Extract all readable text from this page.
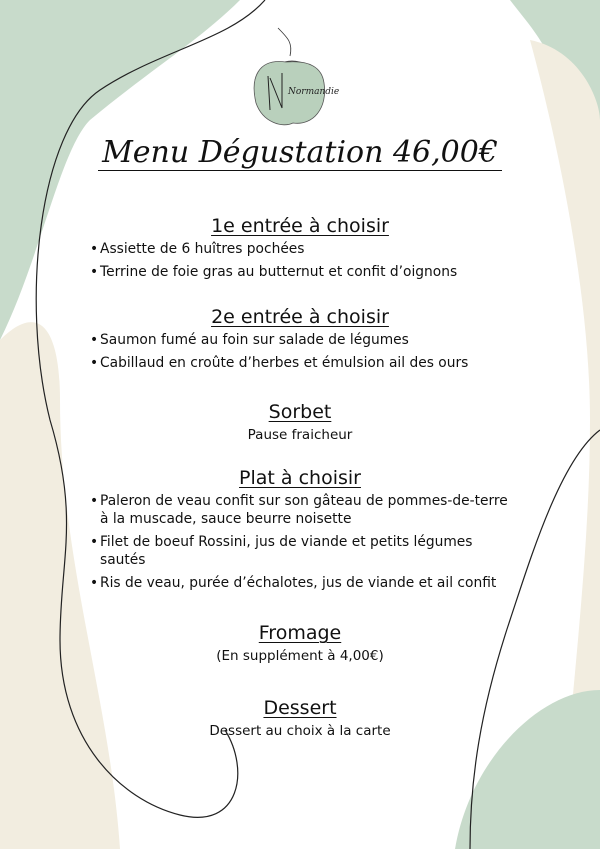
Normandie
Menu Dégustation 46,00€
1e entrée à choisir
• Assiette de 6 huîtres pochées
• Terrine de foie gras au butternut et confit d’oignons
2e entrée à choisir
• Saumon fumé au foin sur salade de légumes
• Cabillaud en croûte d’herbes et émulsion ail des ours
Sorbet
Pause fraicheur
Plat à choisir
• Paleron de veau confit sur son gâteau de pommes-de-terre à la muscade, sauce beurre noisette
• Filet de boeuf Rossini, jus de viande et petits légumes sautés
• Ris de veau, purée d’échalotes, jus de viande et ail confit
Fromage
(En supplément à 4,00€)
Dessert
Dessert au choix à la carte
